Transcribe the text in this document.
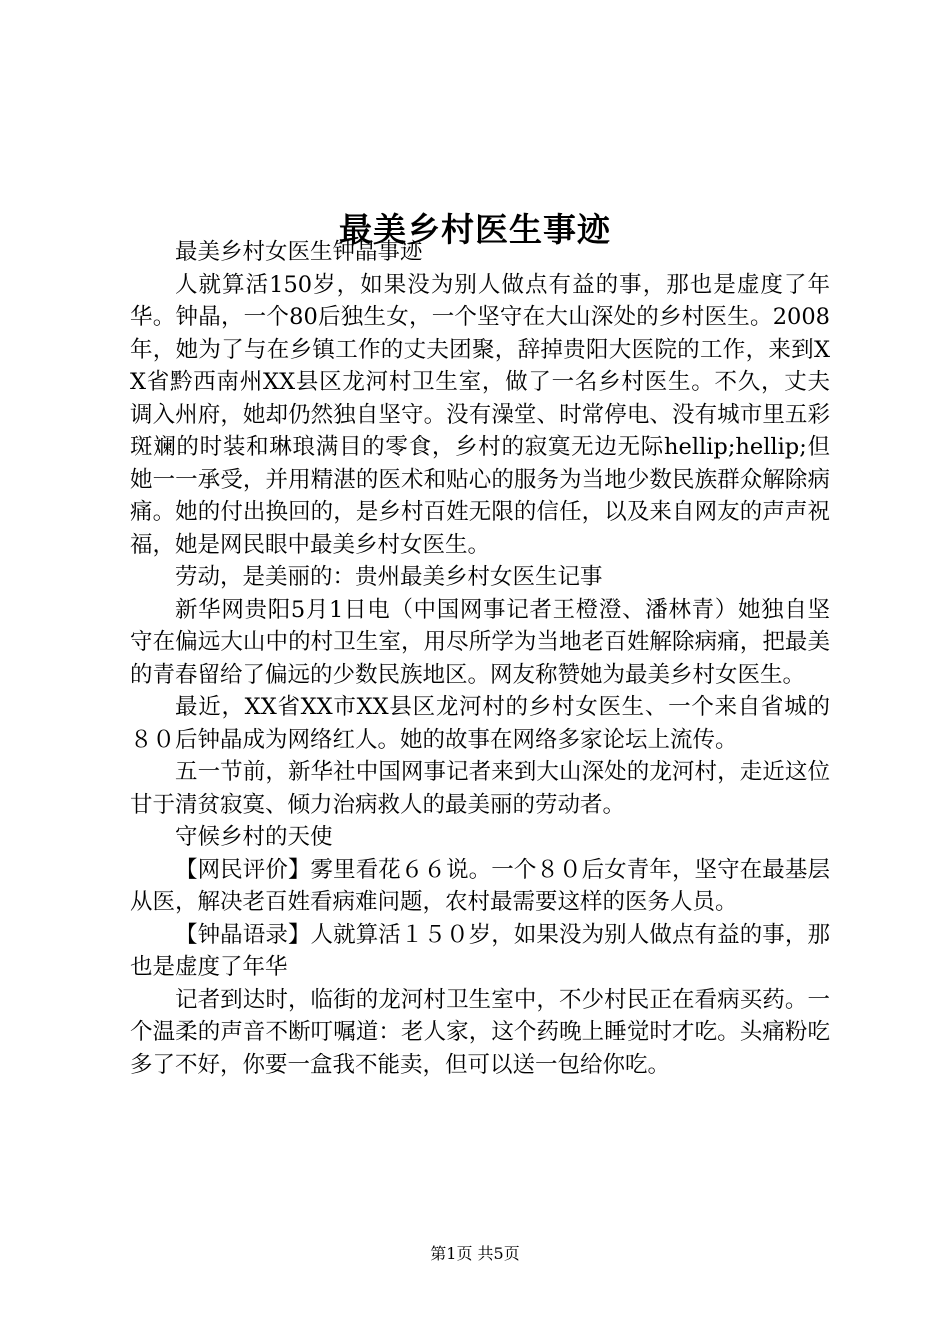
最美乡村医生事迹

最美乡村女医生钟晶事迹

人就算活150岁，如果没为别人做点有益的事，那也是虚度了年华。钟晶，一个80后独生女，一个坚守在大山深处的乡村医生。2008年，她为了与在乡镇工作的丈夫团聚，辞掉贵阳大医院的工作，来到XX省黔西南州XX县区龙河村卫生室，做了一名乡村医生。不久，丈夫调入州府，她却仍然独自坚守。没有澡堂、时常停电、没有城市里五彩斑斓的时装和琳琅满目的零食，乡村的寂寞无边无际hellip;hellip;但她一一承受，并用精湛的医术和贴心的服务为当地少数民族群众解除病痛。她的付出换回的，是乡村百姓无限的信任，以及来自网友的声声祝福，她是网民眼中最美乡村女医生。

劳动，是美丽的：贵州最美乡村女医生记事

新华网贵阳5月1日电（中国网事记者王橙澄、潘林青）她独自坚守在偏远大山中的村卫生室，用尽所学为当地老百姓解除病痛，把最美的青春留给了偏远的少数民族地区。网友称赞她为最美乡村女医生。

最近，XX省XX市XX县区龙河村的乡村女医生、一个来自省城的８０后钟晶成为网络红人。她的故事在网络多家论坛上流传。

五一节前，新华社中国网事记者来到大山深处的龙河村，走近这位甘于清贫寂寞、倾力治病救人的最美丽的劳动者。

守候乡村的天使

【网民评价】雾里看花６６说。一个８０后女青年，坚守在最基层从医，解决老百姓看病难问题，农村最需要这样的医务人员。

【钟晶语录】人就算活１５０岁，如果没为别人做点有益的事，那也是虚度了年华

记者到达时，临街的龙河村卫生室中，不少村民正在看病买药。一个温柔的声音不断叮嘱道：老人家，这个药晚上睡觉时才吃。头痛粉吃多了不好，你要一盒我不能卖，但可以送一包给你吃。

第1页 共5页
